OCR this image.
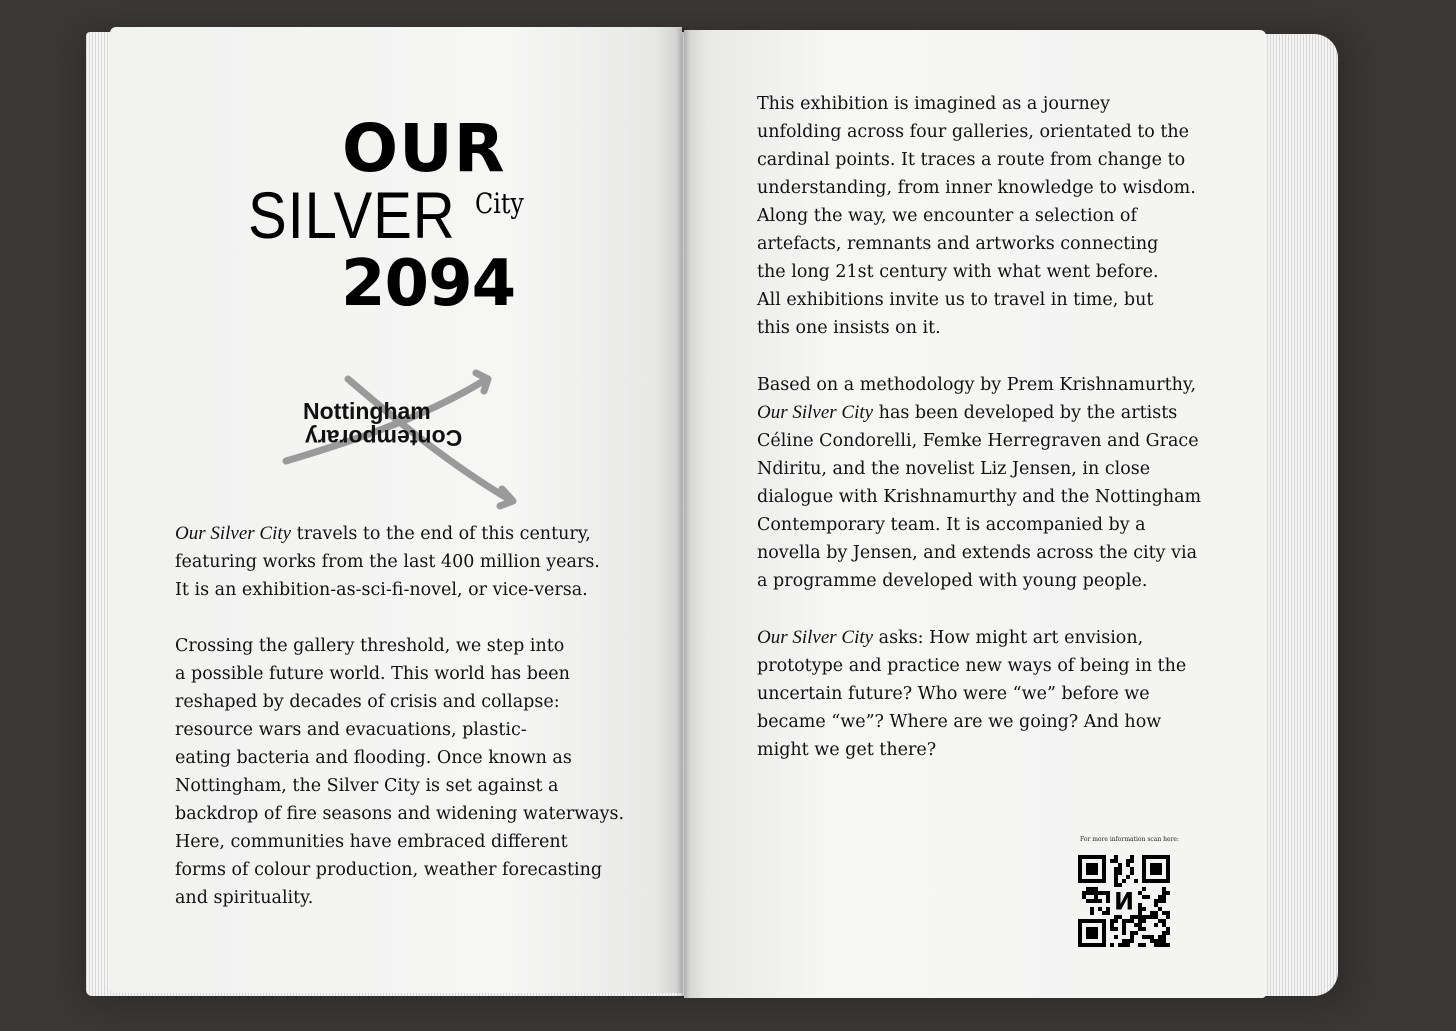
OUR
SILVER City
2094
Nottingham
Contemporary

Our Silver City travels to the end of this century,
featuring works from the last 400 million years.
It is an exhibition-as-sci-fi-novel, or vice-versa.

Crossing the gallery threshold, we step into
a possible future world. This world has been
reshaped by decades of crisis and collapse:
resource wars and evacuations, plastic-
eating bacteria and flooding. Once known as
Nottingham, the Silver City is set against a
backdrop of fire seasons and widening waterways.
Here, communities have embraced different
forms of colour production, weather forecasting
and spirituality.

This exhibition is imagined as a journey
unfolding across four galleries, orientated to the
cardinal points. It traces a route from change to
understanding, from inner knowledge to wisdom.
Along the way, we encounter a selection of
artefacts, remnants and artworks connecting
the long 21st century with what went before.
All exhibitions invite us to travel in time, but
this one insists on it.

Based on a methodology by Prem Krishnamurthy,
Our Silver City has been developed by the artists
Céline Condorelli, Femke Herregraven and Grace
Ndiritu, and the novelist Liz Jensen, in close
dialogue with Krishnamurthy and the Nottingham
Contemporary team. It is accompanied by a
novella by Jensen, and extends across the city via
a programme developed with young people.

Our Silver City asks: How might art envision,
prototype and practice new ways of being in the
uncertain future? Who were “we” before we
became “we”? Where are we going? And how
might we get there?

For more information scan here:
И
